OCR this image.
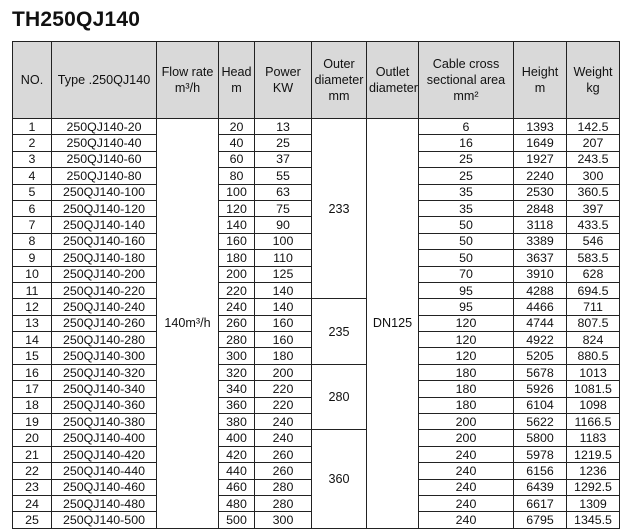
TH250QJ140
NO.	Type .250QJ140	Flow rate m³/h	Head m	Power KW	Outer diameter mm	Outlet diameter	Cable cross sectional area mm²	Height m	Weight kg
1	250QJ140-20	140m³/h	20	13	233	DN125	6	1393	142.5
2	250QJ140-40		40	25			16	1649	207
3	250QJ140-60		60	37			25	1927	243.5
4	250QJ140-80		80	55			25	2240	300
5	250QJ140-100		100	63			35	2530	360.5
6	250QJ140-120		120	75			35	2848	397
7	250QJ140-140		140	90			50	3118	433.5
8	250QJ140-160		160	100			50	3389	546
9	250QJ140-180		180	110			50	3637	583.5
10	250QJ140-200		200	125			70	3910	628
11	250QJ140-220		220	140			95	4288	694.5
12	250QJ140-240		240	140	235		95	4466	711
13	250QJ140-260		260	160			120	4744	807.5
14	250QJ140-280		280	160			120	4922	824
15	250QJ140-300		300	180			120	5205	880.5
16	250QJ140-320		320	200	280		180	5678	1013
17	250QJ140-340		340	220			180	5926	1081.5
18	250QJ140-360		360	220			180	6104	1098
19	250QJ140-380		380	240			200	5622	1166.5
20	250QJ140-400		400	240	360		200	5800	1183
21	250QJ140-420		420	260			240	5978	1219.5
22	250QJ140-440		440	260			240	6156	1236
23	250QJ140-460		460	280			240	6439	1292.5
24	250QJ140-480		480	280			240	6617	1309
25	250QJ140-500		500	300			240	6795	1345.5
